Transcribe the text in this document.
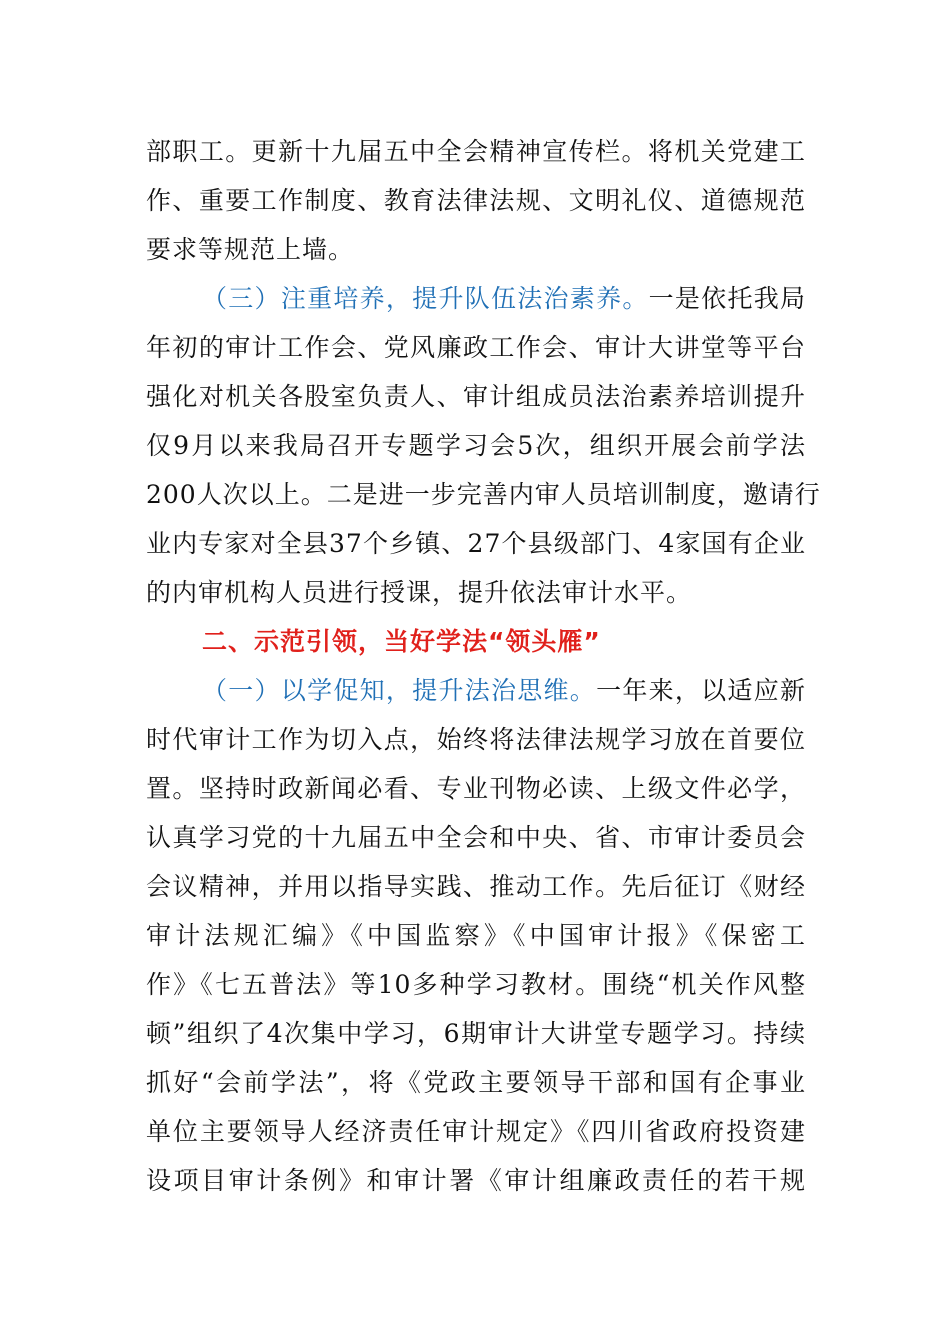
部职工。更新十九届五中全会精神宣传栏。将机关党建工
作、重要工作制度、教育法律法规、文明礼仪、道德规范
要求等规范上墙。
（三）注重培养，提升队伍法治素养。一是依托我局
年初的审计工作会、党风廉政工作会、审计大讲堂等平台
强化对机关各股室负责人、审计组成员法治素养培训提升
仅9月以来我局召开专题学习会5次，组织开展会前学法
200人次以上。二是进一步完善内审人员培训制度，邀请行
业内专家对全县37个乡镇、27个县级部门、4家国有企业
的内审机构人员进行授课，提升依法审计水平。
二、示范引领，当好学法“领头雁”
（一）以学促知，提升法治思维。一年来，以适应新
时代审计工作为切入点，始终将法律法规学习放在首要位
置。坚持时政新闻必看、专业刊物必读、上级文件必学，
认真学习党的十九届五中全会和中央、省、市审计委员会
会议精神，并用以指导实践、推动工作。先后征订《财经
审计法规汇编》《中国监察》《中国审计报》《保密工
作》《七五普法》等10多种学习教材。围绕“机关作风整
顿”组织了4次集中学习，6期审计大讲堂专题学习。持续
抓好“会前学法”，将《党政主要领导干部和国有企事业
单位主要领导人经济责任审计规定》《四川省政府投资建
设项目审计条例》和审计署《审计组廉政责任的若干规
